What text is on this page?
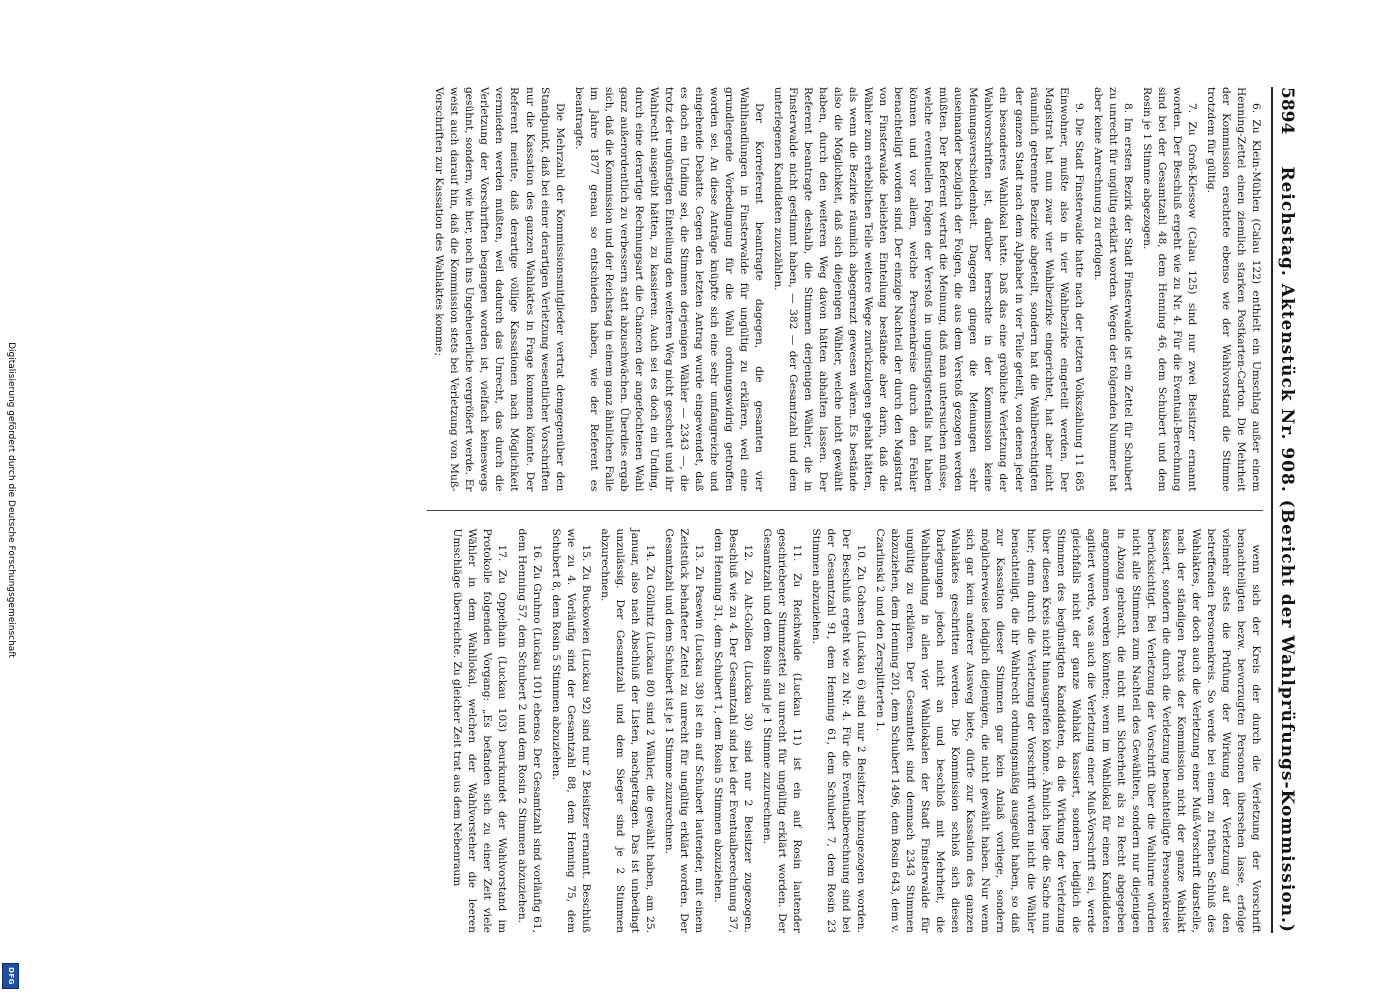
Digitalisierung gefördert durch die Deutsche Forschungsgemeinschaft
DFG
5894
Reichstag. Aktenstück Nr. 908. (Bericht der Wahlprüfungs-Kommission.)

6. Zu Klein-Mühlen (Calau 122) enthielt ein Umschlag außer einem Henning-Zettel einen ziemlich starken Postkarten-Carton. Die Mehrheit der Kommission erachtete ebenso wie der Wahlvorstand die Stimme trotzdem für gültig.

7. Zu Groß-Klessow (Calau 125) sind nur zwei Beisitzer ernannt worden. Der Beschluß ergeht wie zu Nr. 4. Für die Eventual-Berechnung sind bei der Gesamtzahl 48, dem Henning 46, dem Schubert und dem Rosin je 1 Stimme abgezogen.

8. Im ersten Bezirk der Stadt Finsterwalde ist ein Zettel für Schubert zu unrecht für ungültig erklärt worden. Wegen der folgenden Nummer hat aber keine Anrechnung zu erfolgen.

9. Die Stadt Finsterwalde hatte nach der letzten Volkszählung 11 685 Einwohner, mußte also in vier Wahlbezirke eingeteilt werden. Der Magistrat hat nun zwar vier Wahlbezirke eingerichtet, hat aber nicht räumlich getrennte Bezirke abgeteilt, sondern hat die Wahlberechtigten der ganzen Stadt nach dem Alphabet in vier Teile geteilt, von denen jeder ein besonderes Wahllokal hatte. Daß das eine gröbliche Verletzung der Wahlvorschriften ist, darüber herrschte in der Kommission keine Meinungsverschiedenheit. Dagegen gingen die Meinungen sehr auseinander bezüglich der Folgen, die aus dem Verstoß gezogen werden müßten. Der Referent vertrat die Meinung, daß man untersuchen müsse, welche eventuellen Folgen der Verstoß in ungünstigstenfalls hat haben können und vor allem, welche Personenkreise durch den Fehler benachteiligt worden sind. Der einzige Nachteil der durch den Magistrat von Finsterwalde beliebten Einteilung bestände aber darin, daß die Wähler zum erheblichen Teile weitere Wege zurückzulegen gehabt hätten, als wenn die Bezirke räumlich abgegrenzt gewesen wären. Es bestände also die Möglichkeit, daß sich diejenigen Wähler, welche nicht gewählt haben, durch den weiteren Weg davon hätten abhalten lassen. Der Referent beantragte deshalb, die Stimmen derjenigen Wähler, die in Finsterwalde nicht gestimmt haben, — 382 — der Gesamtzahl und dem unterlegenen Kandidaten zuzuzählen.

Der Korreferent beantragte dagegen, die gesamten vier Wahlhandlungen in Finsterwalde für ungültig zu erklären, weil eine grundlegende Vorbedingung für die Wahl ordnungswidrig getroffen worden sei. An diese Anträge knüpfte sich eine sehr umfangreiche und eingehende Debatte. Gegen den letzten Antrag wurde eingewendet, daß es doch ein Unding sei, die Stimmen derjenigen Wähler — 2343 —, die trotz der ungünstigen Einteilung den weiteren Weg nicht gescheut und ihr Wahlrecht ausgeübt hätten, zu kassieren. Auch sei es doch ein Unding, durch eine derartige Rechnungsart die Chancen der angefochtenen Wahl ganz außerordentlich zu verbessern statt abzuschwächen. Überdies ergab sich, daß die Kommission und der Reichstag in einem ganz ähnlichen Falle im Jahre 1877 genau so entschieden haben, wie der Referent es beantragte.

Die Mehrzahl der Kommissionsmitglieder vertrat demgegenüber den Standpunkt, daß bei einer derartigen Verletzung wesentlicher Vorschriften nur die Kassation des ganzen Wahlaktes in Frage kommen könnte. Der Referent meinte, daß derartige völlige Kassationen nach Möglichkeit vermieden werden müßten, weil dadurch das Unrecht, das durch die Verletzung der Vorschriften begangen worden ist, vielfach keineswegs gesühnt, sondern, wie hier, noch ins Ungeheuerliche vergrößert werde. Er weist auch darauf hin, daß die Kommission stets bei Verletzung von Muß-Vorschriften zur Kassation des Wahlaktes komme;

wenn sich der Kreis der durch die Verletzung der Vorschrift benachteiligten bezw. bevorzugten Personen übersehen lasse, erfolge vielmehr stets die Prüfung der Wirkung der Verletzung auf den betreffenden Personenkreis. So werde bei einem zu frühen Schluß des Wahlaktes, der doch auch die Verletzung einer Muß-Vorschrift darstelle, nach der ständigen Praxis der Kommission nicht der ganze Wahlakt kassiert, sondern die durch die Verletzung benachteiligte Personenkreise berücksichtigt. Bei Verletzung der Vorschrift über die Wahlurne würden nicht alle Stimmen zum Nachteil des Gewählten, sondern nur diejenigen in Abzug gebracht, die nicht mit Sicherheit als zu Recht abgegeben angenommen werden könnten; wenn im Wahllokal für einen Kandidaten agitiert werde, was auch die Verletzung einer Muß-Vorschrift sei, werde gleichfalls nicht der ganze Wahlakt kassiert, sondern lediglich die Stimmen des begünstigten Kandidaten, da die Wirkung der Verletzung über diesen Kreis nicht hinausgreifen könne. Ähnlich liege die Sache nun hier; denn durch die Verletzung der Vorschrift würden nicht die Wähler benachteiligt, die ihr Wahlrecht ordnungsmäßig ausgeübt haben, so daß zur Kassation dieser Stimmen gar kein Anlaß vorliege, sondern möglicherweise lediglich diejenigen, die nicht gewählt haben. Nur wenn sich gar kein anderer Ausweg biete, dürfe zur Kassation des ganzen Wahlaktes geschritten werden. Die Kommission schloß sich diesen Darlegungen jedoch nicht an und beschloß mit Mehrheit, die Wahlhandlung in allen vier Wahllokalen der Stadt Finsterwalde für ungültig zu erklären. Der Gesamtheit sind demnach 2343 Stimmen abzuziehen, dem Henning 201, dem Schubert 1496, dem Rosin 643, dem v. Czarlinski 2 und den Zersplitterten 1.

10. Zu Gohsen (Luckau 6) sind nur 2 Beisitzer hinzugezogen worden. Der Beschluß ergeht wie zu Nr. 4. Für die Eventualberechnung sind bei der Gesamtzahl 91, dem Henning 61, dem Schubert 7, dem Rosin 23 Stimmen abzuziehen.

11. Zu Reichwalde (Luckau 11) ist ein auf Rosin lautender geschriebener Stimmzettel zu unrecht für ungültig erklärt worden. Der Gesamtzahl und dem Rosin sind je 1 Stimme zuzurechnen.

12. Zu Alt-Golßen (Luckau 30) sind nur 2 Beisitzer zugezogen. Beschluß wie zu 4. Der Gesamtzahl sind bei der Eventualberechnung 37, dem Henning 31, dem Schubert 1, dem Rosin 5 Stimmen abzuziehen.

13. Zu Pasewin (Luckau 38) ist ein auf Schubert lautender, mit einem Zeitstück behafteter Zettel zu unrecht für ungültig erklärt worden. Der Gesamtzahl und dem Schubert ist je 1 Stimme zuzurechnen.

14. Zu Göllnitz (Luckau 80) sind 2 Wähler, die gewählt haben, am 25. Januar, also nach Abschluß der Listen, nachgetragen. Das ist unbedingt unzulässig. Der Gesamtzahl und dem Sieger sind je 2 Stimmen abzurechnen.

15. Zu Buckowien (Luckau 92) sind nur 2 Beisitzer ernannt. Beschluß wie zu 4. Vorläufig sind der Gesamtzahl 88, dem Henning 75, dem Schubert 8, dem Rosin 5 Stimmen abzuziehen.

16. Zu Gruhno (Luckau 101) ebenso. Der Gesamtzahl sind vorläufig 61, dem Henning 57, dem Schubert 2 und dem Rosin 2 Stimmen abzuziehen.

17. Zu Oppelhain (Luckau 103) beurkundet der Wahlvorstand im Protokolle folgenden Vorgang: „Es befanden sich zu einer Zeit viele Wähler in dem Wahllokal, welchen der Wahlvorsteher die leeren Umschläge überreichte. Zu gleicher Zeit trat aus dem Nebenraum
